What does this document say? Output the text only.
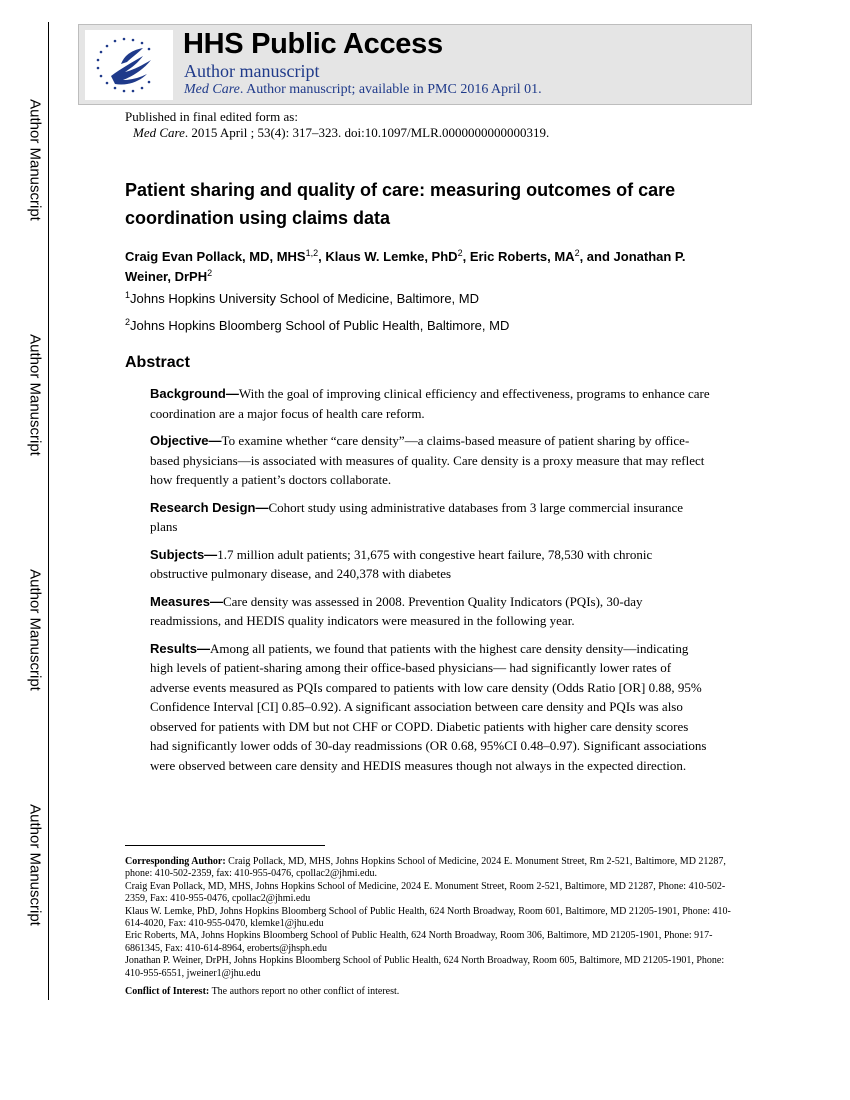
Author Manuscript
Author Manuscript
Author Manuscript
Author Manuscript
HHS Public Access
Author manuscript
Med Care. Author manuscript; available in PMC 2016 April 01.
Published in final edited form as:
Med Care. 2015 April ; 53(4): 317–323. doi:10.1097/MLR.0000000000000319.
Patient sharing and quality of care: measuring outcomes of care coordination using claims data
Craig Evan Pollack, MD, MHS$^{1,2}$, Klaus W. Lemke, PhD$^2$, Eric Roberts, $MA^2$, and Jonathan P. Weiner, DrPH$^2$
$^1$Johns Hopkins University School of Medicine, Baltimore, MD
$^2$Johns Hopkins Bloomberg School of Public Health, Baltimore, MD
Abstract

Background—With the goal of improving clinical efficiency and effectiveness, programs to enhance care coordination are a major focus of health care reform.

Objective—To examine whether “care density”—a claims-based measure of patient sharing by office-based physicians—is associated with measures of quality. Care density is a proxy measure that may reflect how frequently a patient’s doctors collaborate.

Research Design—Cohort study using administrative databases from 3 large commercial insurance plans

Subjects—1.7 million adult patients; 31,675 with congestive heart failure, 78,530 with chronic obstructive pulmonary disease, and 240,378 with diabetes

Measures—Care density was assessed in 2008. Prevention Quality Indicators (PQIs), 30-day readmissions, and HEDIS quality indicators were measured in the following year.

Results—Among all patients, we found that patients with the highest care density density—indicating high levels of patient-sharing among their office-based physicians— had significantly lower rates of adverse events measured as PQIs compared to patients with low care density (Odds Ratio [OR] 0.88, 95% Confidence Interval [CI] 0.85–0.92). A significant association between care density and PQIs was also observed for patients with DM but not CHF or COPD. Diabetic patients with higher care density scores had significantly lower odds of 30-day readmissions (OR 0.68, 95%CI 0.48–0.97). Significant associations were observed between care density and HEDIS measures though not always in the expected direction.

Corresponding Author: Craig Pollack, MD, MHS, Johns Hopkins School of Medicine, 2024 E. Monument Street, Rm 2-521, Baltimore, MD 21287, phone: 410-502-2359, fax: 410-955-0476, cpollac2@jhmi.edu.

Craig Evan Pollack, MD, MHS, Johns Hopkins School of Medicine, 2024 E. Monument Street, Room 2-521, Baltimore, MD 21287, Phone: 410-502-2359, Fax: 410-955-0476, cpollac2@jhmi.edu

Klaus W. Lemke, PhD, Johns Hopkins Bloomberg School of Public Health, 624 North Broadway, Room 601, Baltimore, MD 21205-1901, Phone: 410-614-4020, Fax: 410-955-0470, klemke1@jhu.edu

Eric Roberts, MA, Johns Hopkins Bloomberg School of Public Health, 624 North Broadway, Room 306, Baltimore, MD 21205-1901, Phone: 917-6861345, Fax: 410-614-8964, eroberts@jhsph.edu

Jonathan P. Weiner, DrPH, Johns Hopkins Bloomberg School of Public Health, 624 North Broadway, Room 605, Baltimore, MD 21205-1901, Phone: 410-955-6551, jweiner1@jhu.edu

Conflict of Interest: The authors report no other conflict of interest.
